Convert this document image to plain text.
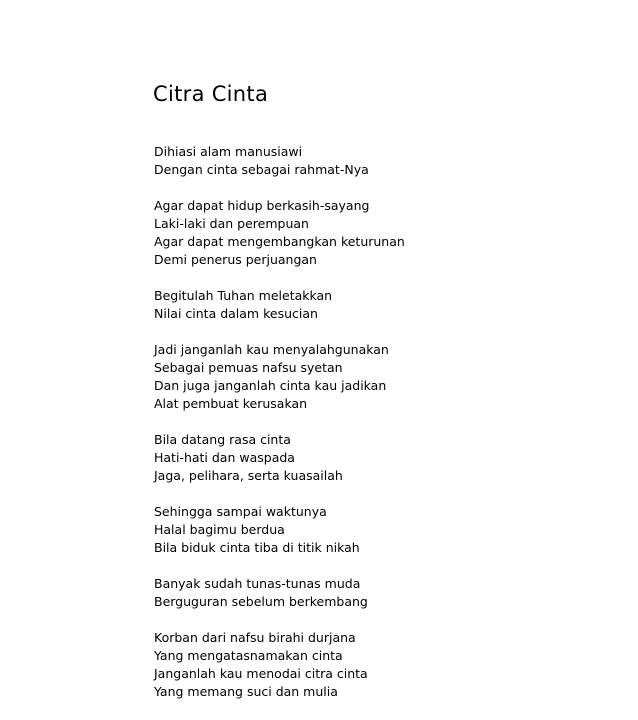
Citra Cinta
Dihiasi alam manusiawi
Dengan cinta sebagai rahmat-Nya
Agar dapat hidup berkasih-sayang
Laki-laki dan perempuan
Agar dapat mengembangkan keturunan
Demi penerus perjuangan
Begitulah Tuhan meletakkan
Nilai cinta dalam kesucian
Jadi janganlah kau menyalahgunakan
Sebagai pemuas nafsu syetan
Dan juga janganlah cinta kau jadikan
Alat pembuat kerusakan
Bila datang rasa cinta
Hati-hati dan waspada
Jaga, pelihara, serta kuasailah
Sehingga sampai waktunya
Halal bagimu berdua
Bila biduk cinta tiba di titik nikah
Banyak sudah tunas-tunas muda
Berguguran sebelum berkembang
Korban dari nafsu birahi durjana
Yang mengatasnamakan cinta
Janganlah kau menodai citra cinta
Yang memang suci dan mulia
